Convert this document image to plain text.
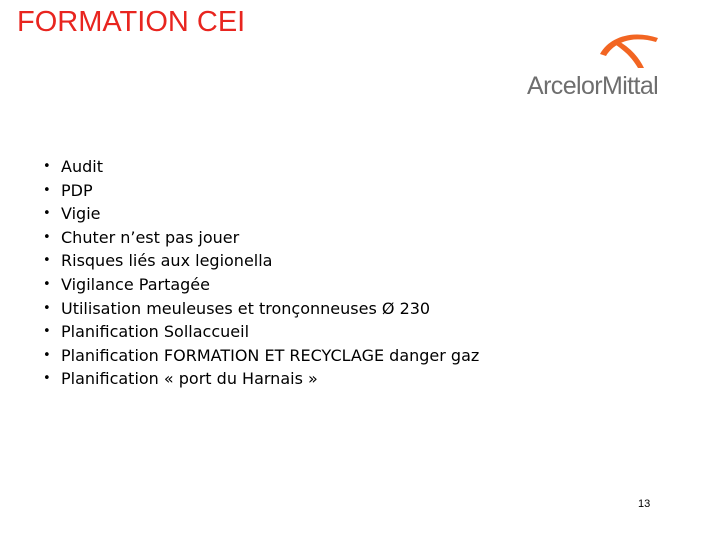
FORMATION CEI
ArcelorMittal
• Audit
• PDP
• Vigie
• Chuter n’est pas jouer
• Risques liés aux legionella
• Vigilance Partagée
• Utilisation meuleuses et tronçonneuses Ø 230
• Planification Sollaccueil
• Planification FORMATION ET RECYCLAGE danger gaz
• Planification « port du Harnais »
13
